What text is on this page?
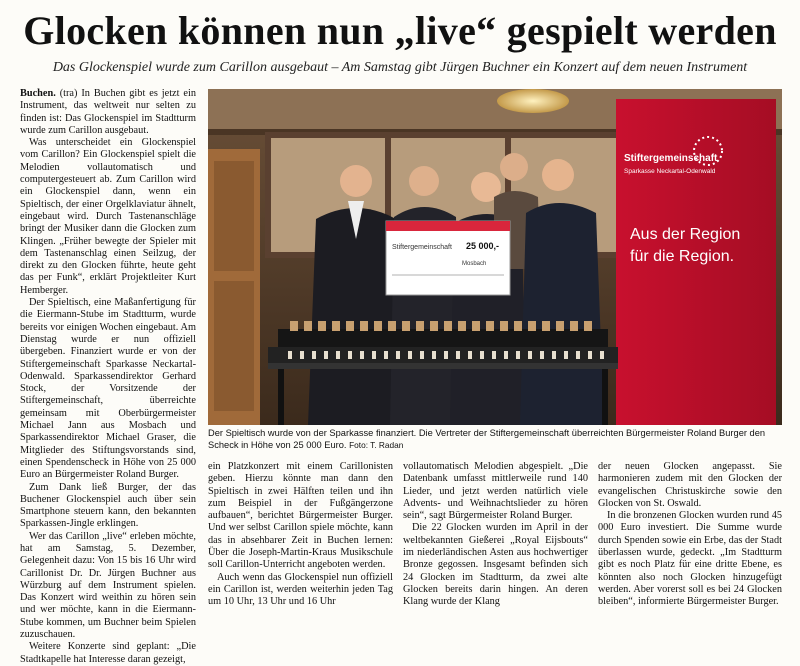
Glocken können nun „live“ gespielt werden
Das Glockenspiel wurde zum Carillon ausgebaut – Am Samstag gibt Jürgen Buchner ein Konzert auf dem neuen Instrument

Buchen. (tra) In Buchen gibt es jetzt ein Instrument, das weltweit nur selten zu finden ist: Das Glockenspiel im Stadtturm wurde zum Carillon ausgebaut.

Was unterscheidet ein Glockenspiel vom Carillon? Ein Glockenspiel spielt die Melodien vollautomatisch und computergesteuert ab. Zum Carillon wird ein Glockenspiel dann, wenn ein Spieltisch, der einer Orgelklaviatur ähnelt, eingebaut wird. Durch Tastenanschläge bringt der Musiker dann die Glocken zum Klingen. „Früher bewegte der Spieler mit dem Tastenanschlag einen Seilzug, der direkt zu den Glocken führte, heute geht das per Funk“, erklärt Projektleiter Kurt Hemberger.

Der Spieltisch, eine Maßanfertigung für die Eiermann-Stube im Stadtturm, wurde bereits vor einigen Wochen eingebaut. Am Dienstag wurde er nun offiziell übergeben. Finanziert wurde er von der Stiftergemeinschaft Sparkasse Neckartal-Odenwald. Sparkassendirektor Gerhard Stock, der Vorsitzende der Stiftergemeinschaft, überreichte gemeinsam mit Oberbürgermeister Michael Jann aus Mosbach und Sparkassendirektor Michael Graser, die Mitglieder des Stiftungsvorstands sind, einen Spendenscheck in Höhe von 25 000 Euro an Bürgermeister Roland Burger.

Zum Dank ließ Burger, der das Buchener Glockenspiel auch über sein Smartphone steuern kann, den bekannten Sparkassen-Jingle erklingen.

Wer das Carillon „live“ erleben möchte, hat am Samstag, 5. Dezember, Gelegenheit dazu: Von 15 bis 16 Uhr wird Carillonist Dr. Dr. Jürgen Buchner aus Würzburg auf dem Instrument spielen. Das Konzert wird weithin zu hören sein und wer möchte, kann in die Eiermann-Stube kommen, um Buchner beim Spielen zuzuschauen.

Weitere Konzerte sind geplant: „Die Stadtkapelle hat Interesse daran gezeigt,

Stiftergemeinschaft
Sparkasse Neckartal-Odenwald
Aus der Region
für die Region.
Stiftergemeinschaft 25 000,-
Mosbach
Der Spieltisch wurde von der Sparkasse finanziert. Die Vertreter der Stiftergemeinschaft überreichten Bürgermeister Roland Burger den Scheck in Höhe von 25 000 Euro. Foto: T. Radan

ein Platzkonzert mit einem Carillonisten geben. Hierzu könnte man dann den Spieltisch in zwei Hälften teilen und ihn zum Beispiel in der Fußgängerzone aufbauen“, berichtet Bürgermeister Burger. Und wer selbst Carillon spiele möchte, kann das in absehbarer Zeit in Buchen lernen: Über die Joseph-Martin-Kraus Musikschule soll Carillon-Unterricht angeboten werden.

Auch wenn das Glockenspiel nun offiziell ein Carillon ist, werden weiterhin jeden Tag um 10 Uhr, 13 Uhr und 16 Uhr

vollautomatisch Melodien abgespielt. „Die Datenbank umfasst mittlerweile rund 140 Lieder, und jetzt werden natürlich viele Advents- und Weihnachtslieder zu hören sein“, sagt Bürgermeister Roland Burger.

Die 22 Glocken wurden im April in der weltbekannten Gießerei „Royal Eijsbouts“ im niederländischen Asten aus hochwertiger Bronze gegossen. Insgesamt befinden sich 24 Glocken im Stadtturm, da zwei alte Glocken bereits darin hingen. An deren Klang wurde der Klang

der neuen Glocken angepasst. Sie harmonieren zudem mit den Glocken der evangelischen Christuskirche sowie den Glocken von St. Oswald.

In die bronzenen Glocken wurden rund 45 000 Euro investiert. Die Summe wurde durch Spenden sowie ein Erbe, das der Stadt überlassen wurde, gedeckt. „Im Stadtturm gibt es noch Platz für eine dritte Ebene, es könnten also noch Glocken hinzugefügt werden. Aber vorerst soll es bei 24 Glocken bleiben“, informierte Bürgermeister Burger.
